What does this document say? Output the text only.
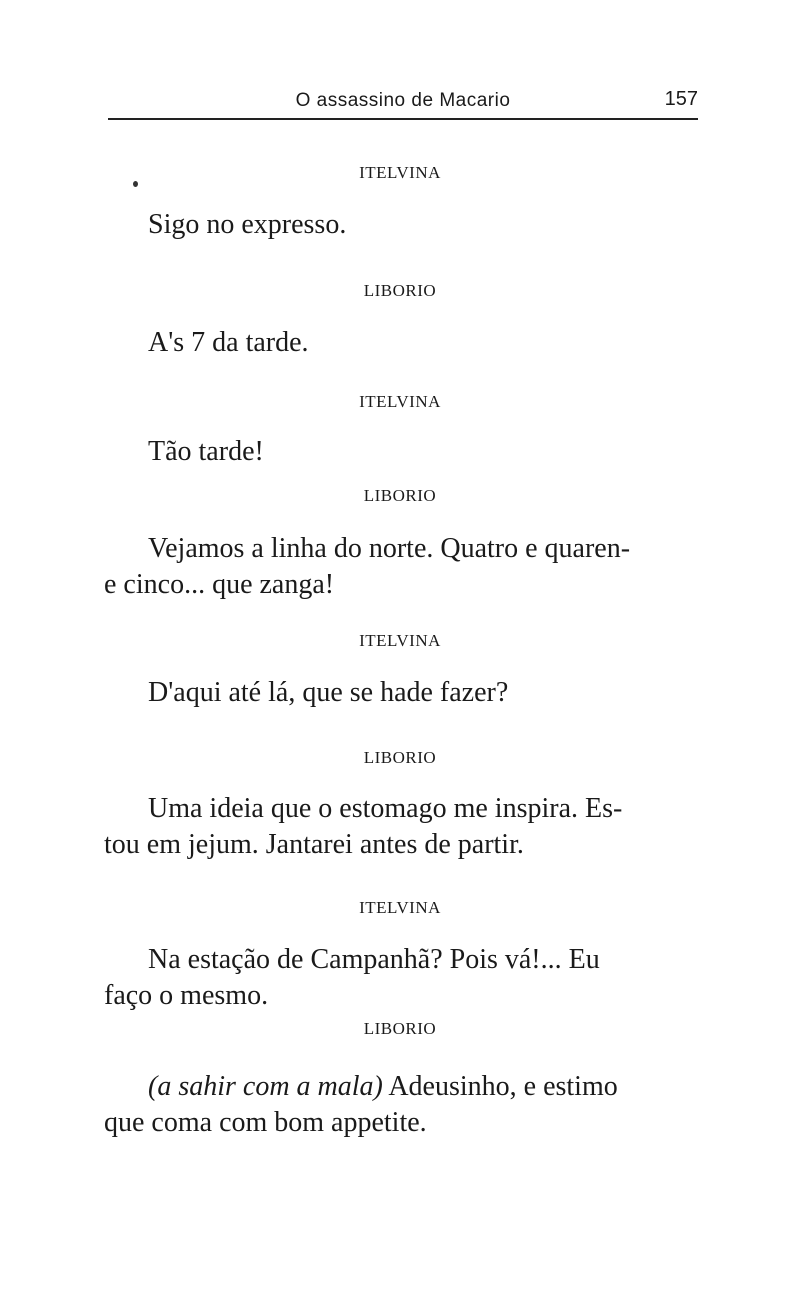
O assassino de Macario	157
ITELVINA
Sigo no expresso.
LIBORIO
A's 7 da tarde.
ITELVINA
Tão tarde!
LIBORIO
Vejamos a linha do norte. Quatro e quaren-
e cinco... que zanga!
ITELVINA
D'aqui até lá, que se hade fazer?
LIBORIO
Uma ideia que o estomago me inspira. Es-
tou em jejum. Jantarei antes de partir.
ITELVINA
Na estação de Campanhã? Pois vá!... Eu
faço o mesmo.
LIBORIO
(a sahir com a mala) Adeusinho, e estimo
que coma com bom appetite.
